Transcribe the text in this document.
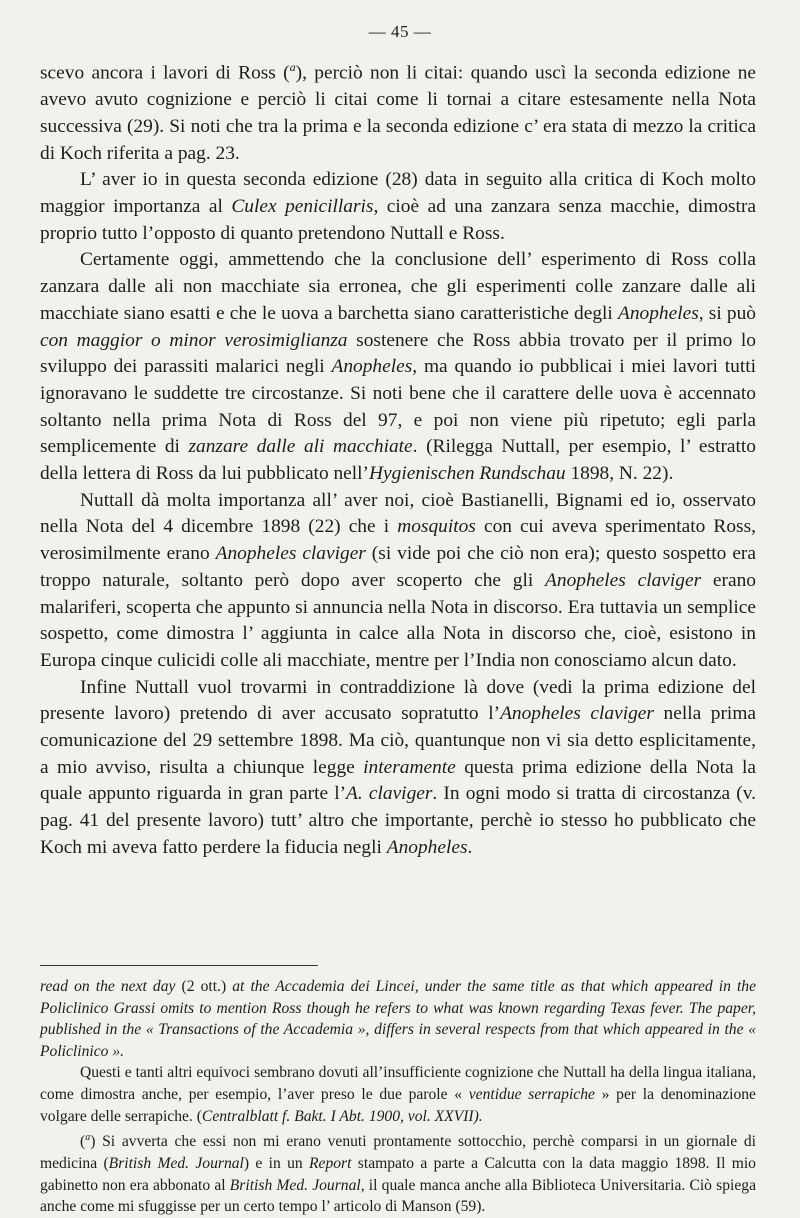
— 45 —

scevo ancora i lavori di Ross ($^a$), perciò non li citai: quando uscì la seconda edizione ne avevo avuto cognizione e perciò li citai come li tornai a citare estesamente nella Nota successiva (29). Si noti che tra la prima e la seconda edizione c’ era stata di mezzo la critica di Koch riferita a pag. 23.

L’ aver io in questa seconda edizione (28) data in seguito alla critica di Koch molto maggior importanza al Culex penicillaris, cioè ad una zanzara senza macchie, dimostra proprio tutto l’opposto di quanto pretendono Nuttall e Ross.

Certamente oggi, ammettendo che la conclusione dell’ esperimento di Ross colla zanzara dalle ali non macchiate sia erronea, che gli esperimenti colle zanzare dalle ali macchiate siano esatti e che le uova a barchetta siano caratteristiche degli Anopheles, si può con maggior o minor verosimiglianza sostenere che Ross abbia trovato per il primo lo sviluppo dei parassiti malarici negli Anopheles, ma quando io pubblicai i miei lavori tutti ignoravano le suddette tre circostanze. Si noti bene che il carattere delle uova è accennato soltanto nella prima Nota di Ross del 97, e poi non viene più ripetuto; egli parla semplicemente di zanzare dalle ali macchiate. (Rilegga Nuttall, per esempio, l’ estratto della lettera di Ross da lui pubblicato nell’Hygienischen Rundschau 1898, N. 22).

Nuttall dà molta importanza all’ aver noi, cioè Bastianelli, Bignami ed io, osservato nella Nota del 4 dicembre 1898 (22) che i mosquitos con cui aveva sperimentato Ross, verosimilmente erano Anopheles claviger (si vide poi che ciò non era); questo sospetto era troppo naturale, soltanto però dopo aver scoperto che gli Anopheles claviger erano malariferi, scoperta che appunto si annuncia nella Nota in discorso. Era tuttavia un semplice sospetto, come dimostra l’ aggiunta in calce alla Nota in discorso che, cioè, esistono in Europa cinque culicidi colle ali macchiate, mentre per l’India non conosciamo alcun dato.

Infine Nuttall vuol trovarmi in contraddizione là dove (vedi la prima edizione del presente lavoro) pretendo di aver accusato sopratutto l’Anopheles claviger nella prima comunicazione del 29 settembre 1898. Ma ciò, quantunque non vi sia detto esplicitamente, a mio avviso, risulta a chiunque legge interamente questa prima edizione della Nota la quale appunto riguarda in gran parte l’A. claviger. In ogni modo si tratta di circostanza (v. pag. 41 del presente lavoro) tutt’ altro che importante, perchè io stesso ho pubblicato che Koch mi aveva fatto perdere la fiducia negli Anopheles.

read on the next day (2 ott.) at the Accademia dei Lincei, under the same title as that which appeared in the Policlinico Grassi omits to mention Ross though he refers to what was known regarding Texas fever. The paper, published in the « Transactions of the Accademia », differs in several respects from that which appeared in the « Policlinico ».

Questi e tanti altri equivoci sembrano dovuti all’insufficiente cognizione che Nuttall ha della lingua italiana, come dimostra anche, per esempio, l’aver preso le due parole « ventidue serrapiche » per la denominazione volgare delle serrapiche. (Centralblatt f. Bakt. I Abt. 1900, vol. XXVII).

($^a$) Si avverta che essi non mi erano venuti prontamente sottocchio, perchè comparsi in un giornale di medicina (British Med. Journal) e in un Report stampato a parte a Calcutta con la data maggio 1898. Il mio gabinetto non era abbonato al British Med. Journal, il quale manca anche alla Biblioteca Universitaria. Ciò spiega anche come mi sfuggisse per un certo tempo l’ articolo di Manson (59).
